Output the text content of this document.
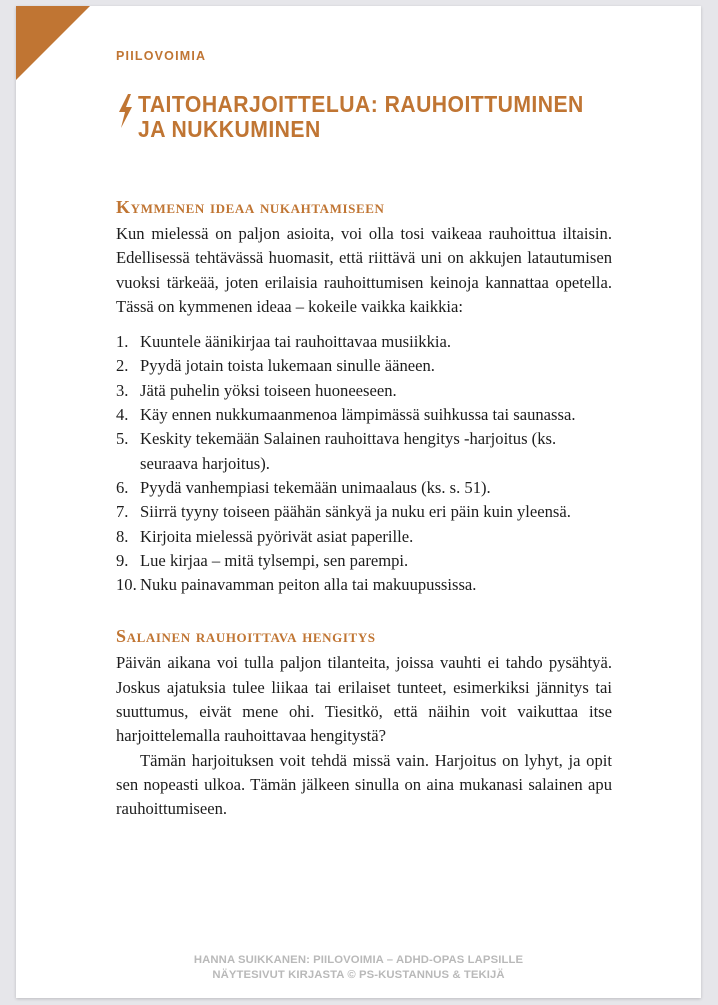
PIILOVOIMIA
TAITOHARJOITTELUA: RAUHOITTUMINEN
JA NUKKUMINEN
Kymmenen ideaa nukahtamiseen

Kun mielessä on paljon asioita, voi olla tosi vaikeaa rauhoittua iltaisin. Edellisessä tehtävässä huomasit, että riittävä uni on akkujen latautumisen vuoksi tärkeää, joten erilaisia rauhoittumisen keinoja kannattaa opetella. Tässä on kymmenen ideaa – kokeile vaikka kaikkia:

1. Kuuntele äänikirjaa tai rauhoittavaa musiikkia.
2. Pyydä jotain toista lukemaan sinulle ääneen.
3. Jätä puhelin yöksi toiseen huoneeseen.
4. Käy ennen nukkumaanmenoa lämpimässä suihkussa tai saunassa.
5. Keskity tekemään Salainen rauhoittava hengitys -harjoitus (ks. seuraava harjoitus).
6. Pyydä vanhempiasi tekemään unimaalaus (ks. s. 51).
7. Siirrä tyyny toiseen päähän sänkyä ja nuku eri päin kuin yleensä.
8. Kirjoita mielessä pyörivät asiat paperille.
9. Lue kirjaa – mitä tylsempi, sen parempi.
10. Nuku painavamman peiton alla tai makuupussissa.
Salainen rauhoittava hengitys

Päivän aikana voi tulla paljon tilanteita, joissa vauhti ei tahdo pysähtyä. Joskus ajatuksia tulee liikaa tai erilaiset tunteet, esimerkiksi jännitys tai suuttumus, eivät mene ohi. Tiesitkö, että näihin voit vaikuttaa itse harjoittelemalla rauhoittavaa hengitystä?

Tämän harjoituksen voit tehdä missä vain. Harjoitus on lyhyt, ja opit sen nopeasti ulkoa. Tämän jälkeen sinulla on aina mukanasi salainen apu rauhoittumiseen.

HANNA SUIKKANEN: PIILOVOIMIA – ADHD-OPAS LAPSILLE
NÄYTESIVUT KIRJASTA © PS-KUSTANNUS & TEKIJÄ
